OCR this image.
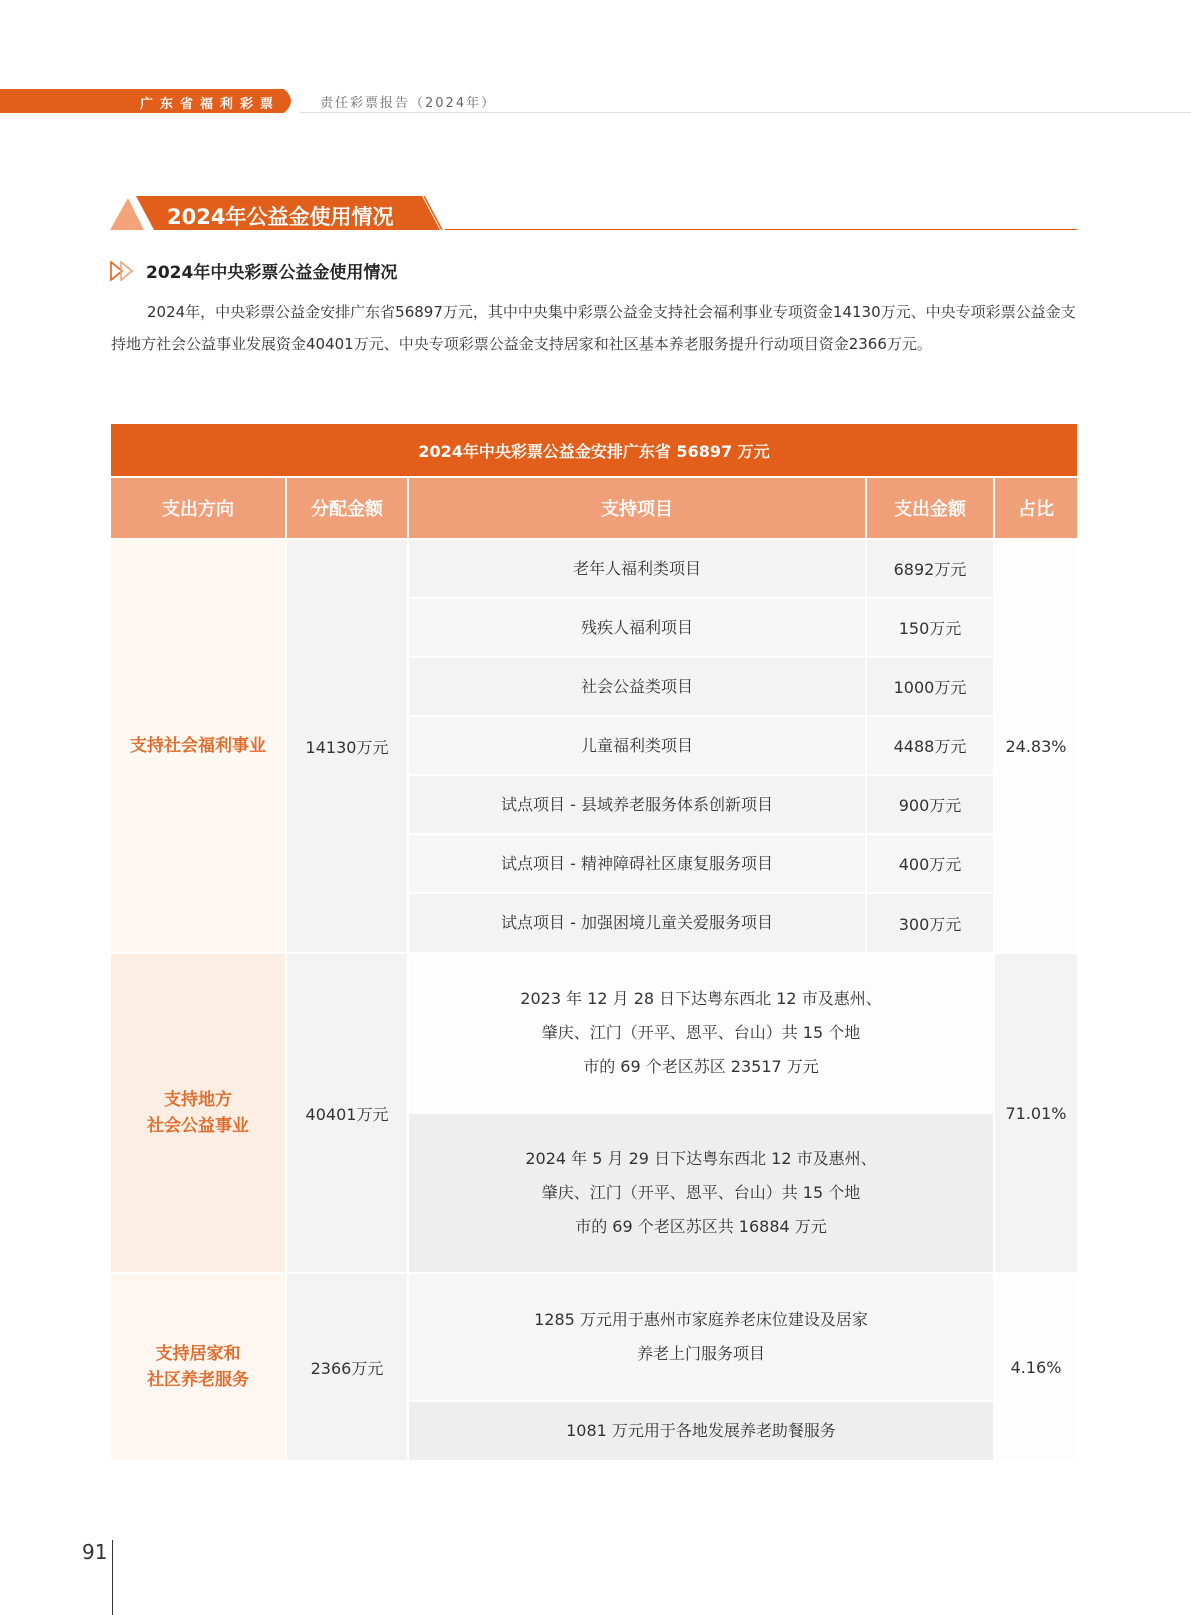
广东省福利彩票	责任彩票报告（2024年）
2024年公益金使用情况
2024年中央彩票公益金使用情况
2024年，中央彩票公益金安排广东省56897万元，其中中央集中彩票公益金支持社会福利事业专项资金14130万元、中央专项彩票公益金支持地方社会公益事业发展资金40401万元、中央专项彩票公益金支持居家和社区基本养老服务提升行动项目资金2366万元。
2024年中央彩票公益金安排广东省 56897 万元
支出方向	分配金额	支持项目	支出金额	占比
支持社会福利事业	14130万元
老年人福利类项目	6892万元
残疾人福利项目	150万元
社会公益类项目	1000万元
儿童福利类项目	4488万元
试点项目 - 县域养老服务体系创新项目	900万元
试点项目 - 精神障碍社区康复服务项目	400万元
试点项目 - 加强困境儿童关爱服务项目	300万元
24.83%
支持地方
社会公益事业
40401万元
2023 年 12 月 28 日下达粤东西北 12 市及惠州、
肇庆、江门（开平、恩平、台山）共 15 个地
市的 69 个老区苏区 23517 万元
2024 年 5 月 29 日下达粤东西北 12 市及惠州、
肇庆、江门（开平、恩平、台山）共 15 个地
市的 69 个老区苏区共 16884 万元
71.01%
支持居家和
社区养老服务
2366万元
1285 万元用于惠州市家庭养老床位建设及居家
养老上门服务项目
1081 万元用于各地发展养老助餐服务
4.16%
91
